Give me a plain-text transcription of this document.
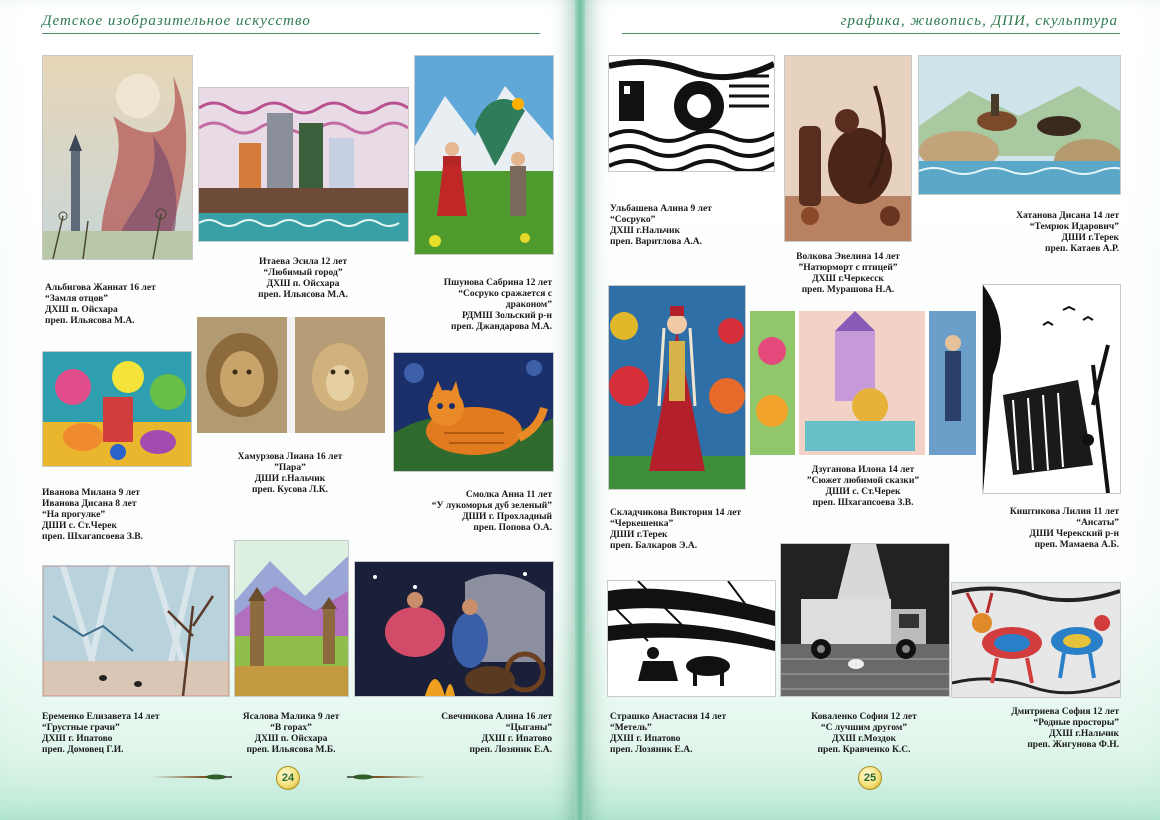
Детское изобразительное искусство
Альбигова Жаннат 16 лет
“Замля отцов”
ДХШ п. Ойсхара
преп. Ильясова М.А.
Итаева Эсила 12 лет
“Любимый город”
ДХШ п. Ойсхара
преп. Ильясова М.А.
Пшунова Сабрина 12 лет
“Сосруко сражается с
драконом”
РДМШ Зольский р-н
преп. Джандарова М.А.
Иванова Милана 9 лет
Иванова Дисана 8 лет
“На прогулке”
ДШИ с. Ст.Черек
преп. Шхагапсоева З.В.
Хамурзова Лиана 16 лет
”Пара”
ДШИ г.Нальчик
преп. Кусова Л.К.	Смолка Анна 11 лет
“У лукоморья дуб зеленый”
ДШИ г. Прохладный
преп. Попова О.А.
Еременко Елизавета 14 лет
“Грустные грачи”
ДХШ г. Ипатово
преп. Домовец Г.И.
Ясалова Малика 9 лет
“В горах”
ДХШ п. Ойсхара
преп. Ильясова М.Б.
Свечникова Алина 16 лет
“Цыганы”
ДХШ г. Ипатово
преп. Лозяник Е.А.
24
графика, живопись, ДПИ, скульптура
Ульбашева Алина 9 лет
“Сосруко”
ДХШ г.Нальчик
преп. Варитлова А.А.
Волкова Эвелина 14 лет
”Натюрморт с птицей”
ДХШ г.Черкесск
преп. Мурашова Н.А.
Хатанова Дисана 14 лет
“Темрюк Идарович”
ДШИ г.Терек
преп. Катаев А.Р.
Складчикова Виктория 14 лет
“Черкешенка”
ДШИ г.Терек
преп. Балкаров Э.А.
Дзуганова Илона 14 лет
”Сюжет любимой сказки”
ДШИ с. Ст.Черек
преп. Шхагапсоева З.В.
Киштикова Лилия 11 лет
“Ансаты”
ДШИ Черекский р-н
преп. Мамаева А.Б.
Страшко Анастасия 14 лет
“Метель”
ДХШ г. Ипатово
преп. Лозяник Е.А.
Коваленко София 12 лет
“С лучшим другом”
ДХШ г.Моздок
преп. Кравченко К.С.
Дмитриева София 12 лет
“Родные просторы”
ДХШ г.Нальчик
преп. Жигунова Ф.Н.
25
